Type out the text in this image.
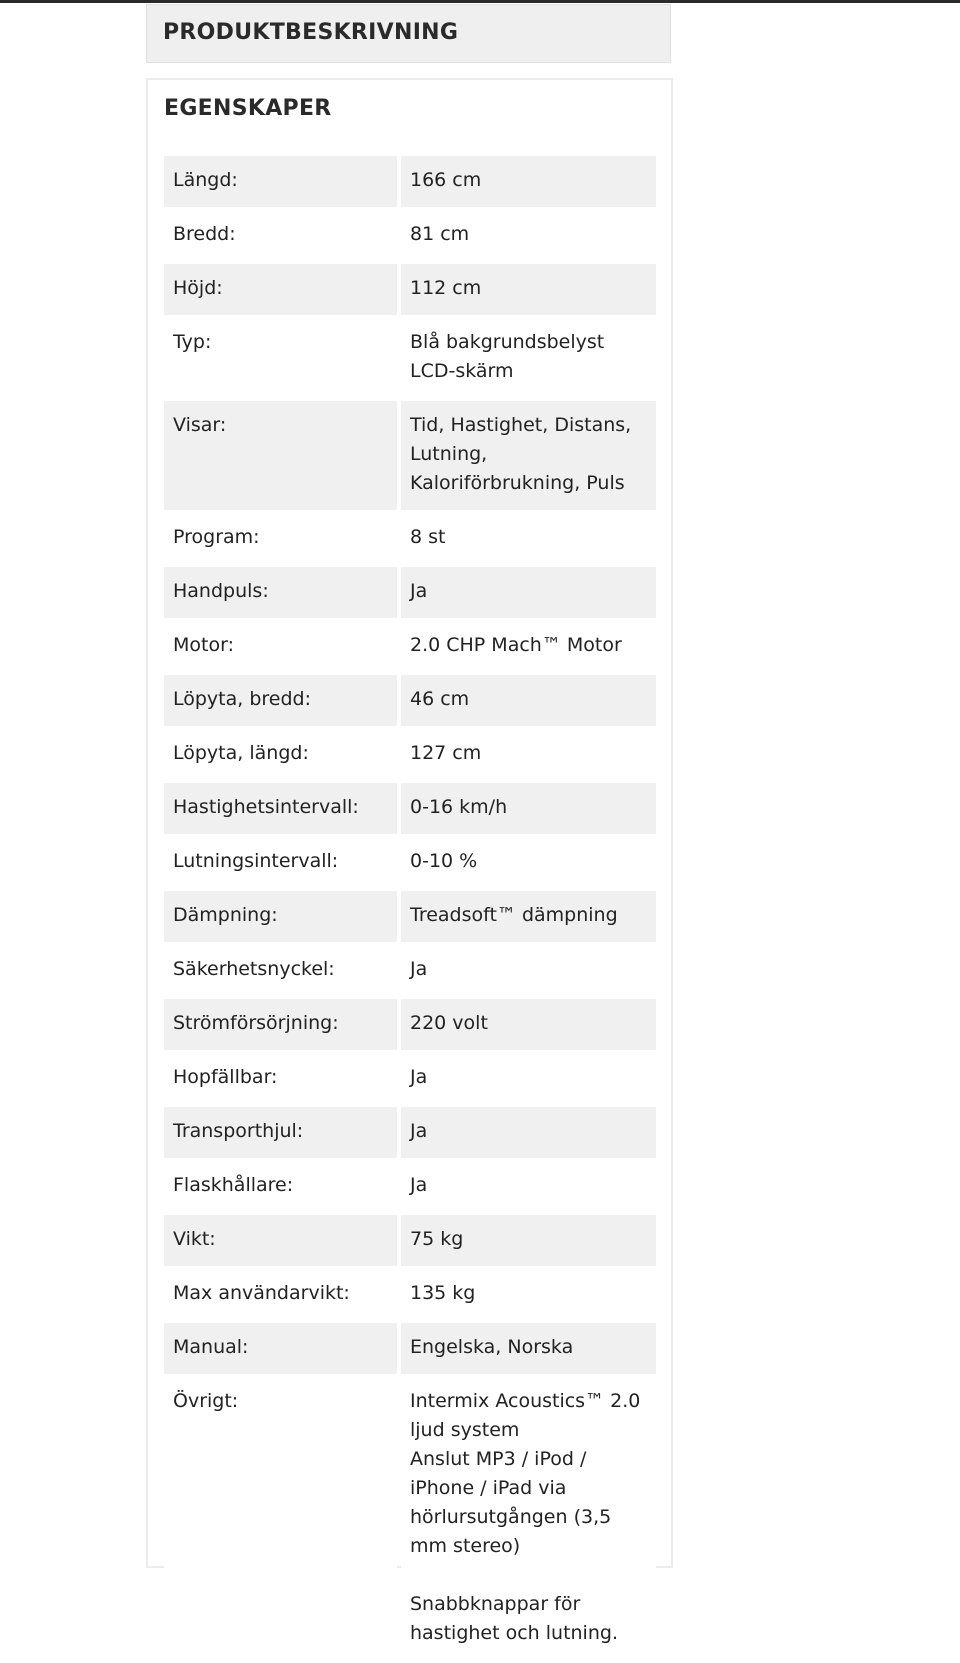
PRODUKTBESKRIVNING
EGENSKAPER
Längd:	166 cm
Bredd:	81 cm
Höjd:	112 cm
Typ:	Blå bakgrundsbelyst
LCD-skärm
Visar:	Tid, Hastighet, Distans,
Lutning,
Kaloriförbrukning, Puls
Program:	8 st
Handpuls:	Ja
Motor:	2.0 CHP Mach™ Motor
Löpyta, bredd:	46 cm
Löpyta, längd:	127 cm
Hastighetsintervall:	0-16 km/h
Lutningsintervall:	0-10 %
Dämpning:	Treadsoft™ dämpning
Säkerhetsnyckel:	Ja
Strömförsörjning:	220 volt
Hopfällbar:	Ja
Transporthjul:	Ja
Flaskhållare:	Ja
Vikt:	75 kg
Max användarvikt:	135 kg
Manual:	Engelska, Norska
Övrigt:	Intermix Acoustics™ 2.0
ljud system
Anslut MP3 / iPod /
iPhone / iPad via
hörlursutgången (3,5
mm stereo)
Snabbknappar för
hastighet och lutning.
